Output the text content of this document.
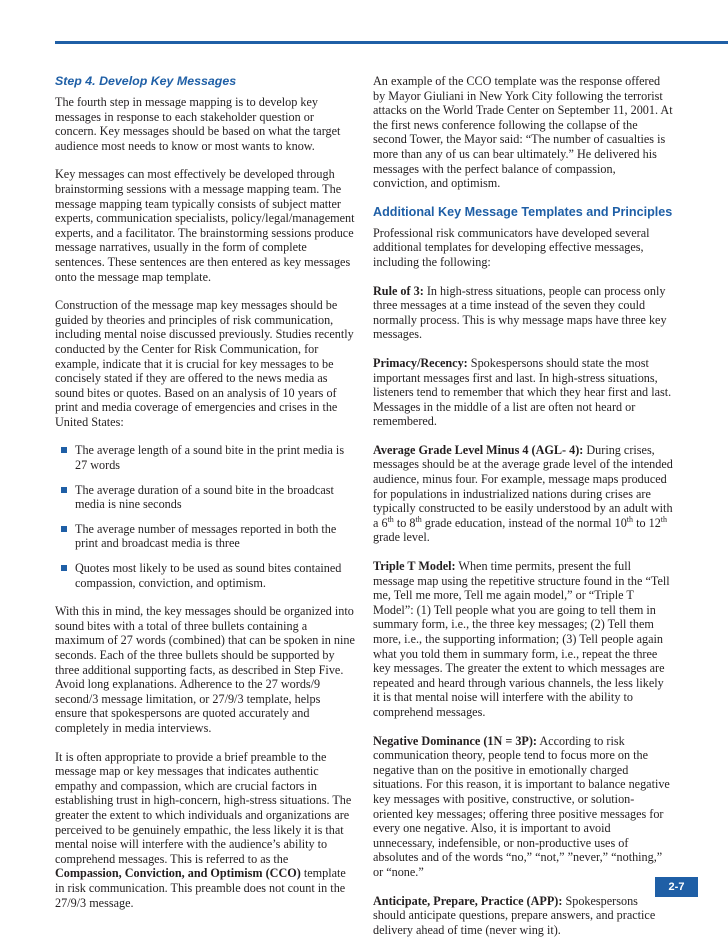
Step 4. Develop Key Messages

The fourth step in message mapping is to develop key messages in response to each stakeholder question or concern. Key messages should be based on what the target audience most needs to know or most wants to know.

Key messages can most effectively be developed through brainstorming sessions with a message mapping team. The message mapping team typically consists of subject matter experts, communication specialists, policy/legal/management experts, and a facilitator. The brainstorming sessions produce message narratives, usually in the form of complete sentences. These sentences are then entered as key messages onto the message map template.

Construction of the message map key messages should be guided by theories and principles of risk communication, including mental noise discussed previously. Studies recently conducted by the Center for Risk Communication, for example, indicate that it is crucial for key messages to be concisely stated if they are offered to the news media as sound bites or quotes. Based on an analysis of 10 years of print and media coverage of emergencies and crises in the United States:

The average length of a sound bite in the print media is 27 words
The average duration of a sound bite in the broadcast media is nine seconds
The average number of messages reported in both the print and broadcast media is three
Quotes most likely to be used as sound bites contained compassion, conviction, and optimism.

With this in mind, the key messages should be organized into sound bites with a total of three bullets containing a maximum of 27 words (combined) that can be spoken in nine seconds. Each of the three bullets should be supported by three additional supporting facts, as described in Step Five. Avoid long explanations. Adherence to the 27 words/9 second/3 message limitation, or 27/9/3 template, helps ensure that spokespersons are quoted accurately and completely in media interviews.

It is often appropriate to provide a brief preamble to the message map or key messages that indicates authentic empathy and compassion, which are crucial factors in establishing trust in high-concern, high-stress situations. The greater the extent to which individuals and organizations are perceived to be genuinely empathic, the less likely it is that mental noise will interfere with the audience’s ability to comprehend messages. This is referred to as the Compassion, Conviction, and Optimism (CCO) template in risk communication. This preamble does not count in the 27/9/3 message.

An example of the CCO template was the response offered by Mayor Giuliani in New York City following the terrorist attacks on the World Trade Center on September 11, 2001. At the first news conference following the collapse of the second Tower, the Mayor said: “The number of casualties is more than any of us can bear ultimately.” He delivered his messages with the perfect balance of compassion, conviction, and optimism.

Additional Key Message Templates and Principles

Professional risk communicators have developed several additional templates for developing effective messages, including the following:

Rule of 3: In high-stress situations, people can process only three messages at a time instead of the seven they could normally process. This is why message maps have three key messages.

Primacy/Recency: Spokespersons should state the most important messages first and last. In high-stress situations, listeners tend to remember that which they hear first and last. Messages in the middle of a list are often not heard or remembered.

Average Grade Level Minus 4 (AGL- 4): During crises, messages should be at the average grade level of the intended audience, minus four. For example, message maps produced for populations in industrialized nations during crises are typically constructed to be easily understood by an adult with a 6th to 8th grade education, instead of the normal 10th to 12th grade level.

Triple T Model: When time permits, present the full message map using the repetitive structure found in the “Tell me, Tell me more, Tell me again model,” or “Triple T Model”: (1) Tell people what you are going to tell them in summary form, i.e., the three key messages; (2) Tell them more, i.e., the supporting information; (3) Tell people again what you told them in summary form, i.e., repeat the three key messages. The greater the extent to which messages are repeated and heard through various channels, the less likely it is that mental noise will interfere with the ability to comprehend messages.

Negative Dominance (1N = 3P): According to risk communication theory, people tend to focus more on the negative than on the positive in emotionally charged situations. For this reason, it is important to balance negative key messages with positive, constructive, or solution-oriented key messages; offering three positive messages for every one negative. Also, it is important to avoid unnecessary, indefensible, or non-productive uses of absolutes and of the words “no,” “not,” ”never,” “nothing,” or “none.”

Anticipate, Prepare, Practice (APP): Spokespersons should anticipate questions, prepare answers, and practice delivery ahead of time (never wing it).

2-7
